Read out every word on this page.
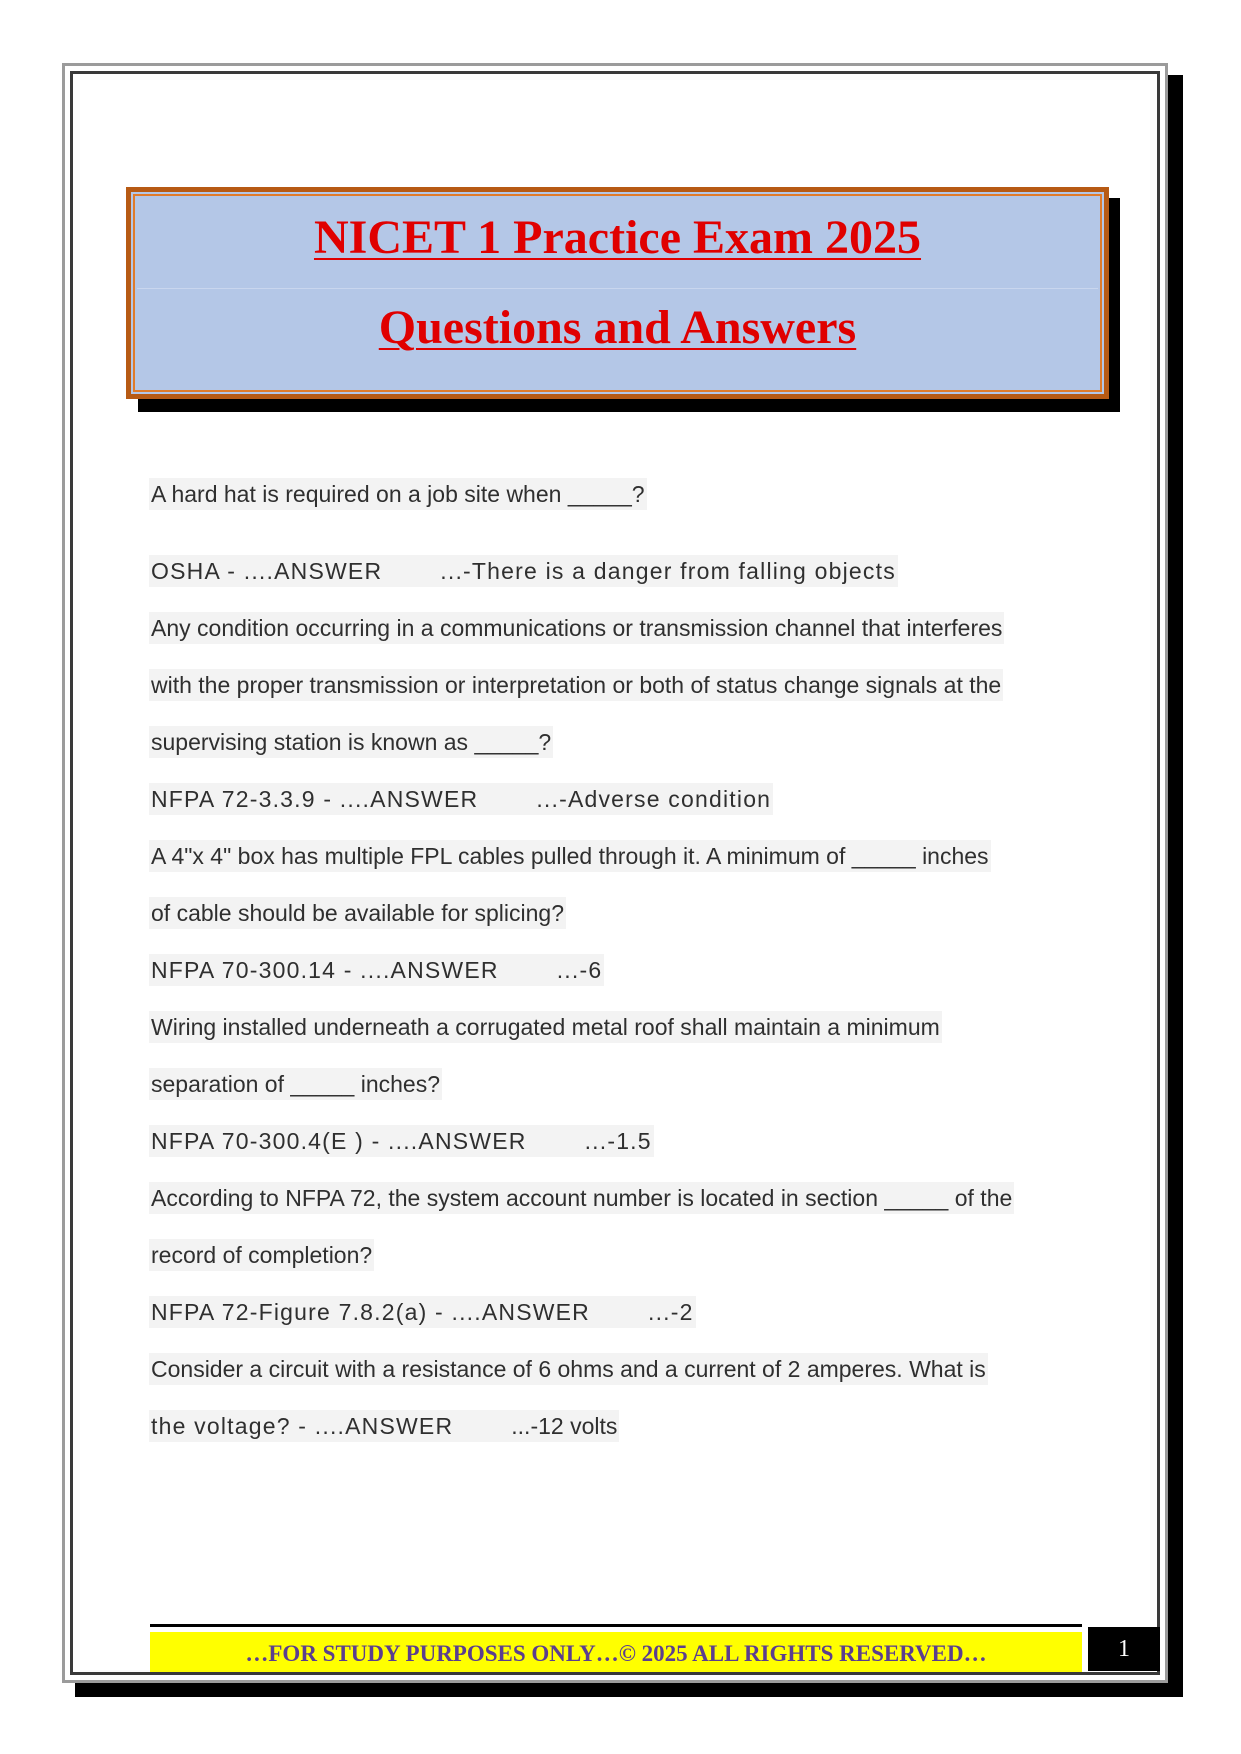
NICET 1 Practice Exam 2025
Questions and Answers
A hard hat is required on a job site when _____?
OSHA - ....ANSWER	...-There is a danger from falling objects
Any condition occurring in a communications or transmission channel that interferes
with the proper transmission or interpretation or both of status change signals at the
supervising station is known as _____?
NFPA 72-3.3.9 - ....ANSWER	...-Adverse condition
A 4"x 4" box has multiple FPL cables pulled through it. A minimum of _____ inches
of cable should be available for splicing?
NFPA 70-300.14 - ....ANSWER	...-6
Wiring installed underneath a corrugated metal roof shall maintain a minimum
separation of _____ inches?
NFPA 70-300.4(E ) - ....ANSWER	...-1.5
According to NFPA 72, the system account number is located in section _____ of the
record of completion?
NFPA 72-Figure 7.8.2(a) - ....ANSWER	...-2
Consider a circuit with a resistance of 6 ohms and a current of 2 amperes. What is
the voltage? - ....ANSWER	...-12 volts
…FOR STUDY PURPOSES ONLY…© 2025 ALL RIGHTS RESERVED…	1
